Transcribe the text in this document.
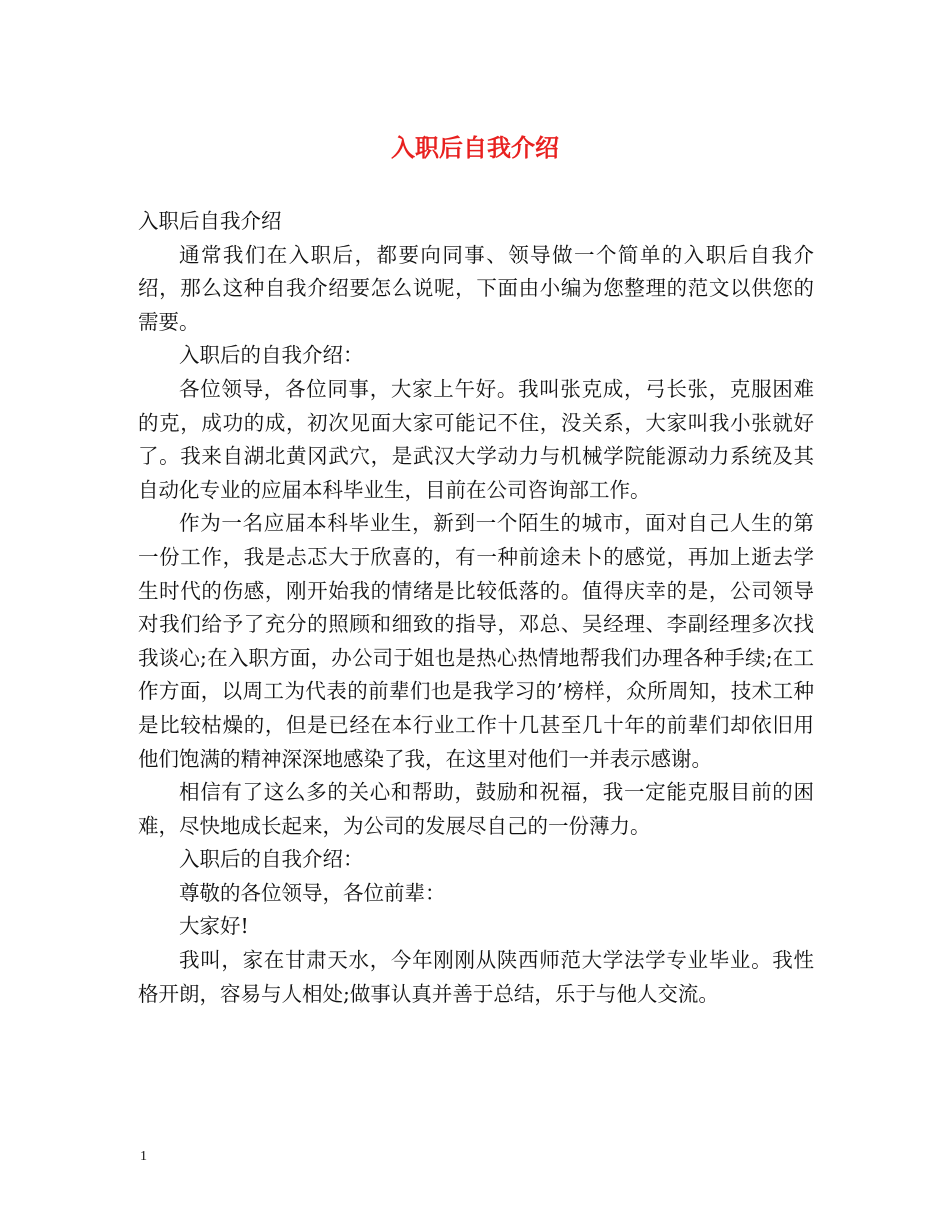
入职后自我介绍

入职后自我介绍

通常我们在入职后，都要向同事、领导做一个简单的入职后自我介绍，那么这种自我介绍要怎么说呢，下面由小编为您整理的范文以供您的需要。

入职后的自我介绍：

各位领导，各位同事，大家上午好。我叫张克成，弓长张，克服困难的克，成功的成，初次见面大家可能记不住，没关系，大家叫我小张就好了。我来自湖北黄冈武穴，是武汉大学动力与机械学院能源动力系统及其自动化专业的应届本科毕业生，目前在公司咨询部工作。

作为一名应届本科毕业生，新到一个陌生的城市，面对自己人生的第一份工作，我是忐忑大于欣喜的，有一种前途未卜的感觉，再加上逝去学生时代的伤感，刚开始我的情绪是比较低落的。值得庆幸的是，公司领导对我们给予了充分的照顾和细致的指导，邓总、吴经理、李副经理多次找我谈心;在入职方面，办公司于姐也是热心热情地帮我们办理各种手续;在工作方面，以周工为代表的前辈们也是我学习的’榜样，众所周知，技术工种是比较枯燥的，但是已经在本行业工作十几甚至几十年的前辈们却依旧用他们饱满的精神深深地感染了我，在这里对他们一并表示感谢。

相信有了这么多的关心和帮助，鼓励和祝福，我一定能克服目前的困难，尽快地成长起来，为公司的发展尽自己的一份薄力。

入职后的自我介绍：

尊敬的各位领导，各位前辈：

大家好!

我叫，家在甘肃天水，今年刚刚从陕西师范大学法学专业毕业。我性格开朗，容易与人相处;做事认真并善于总结，乐于与他人交流。

1
